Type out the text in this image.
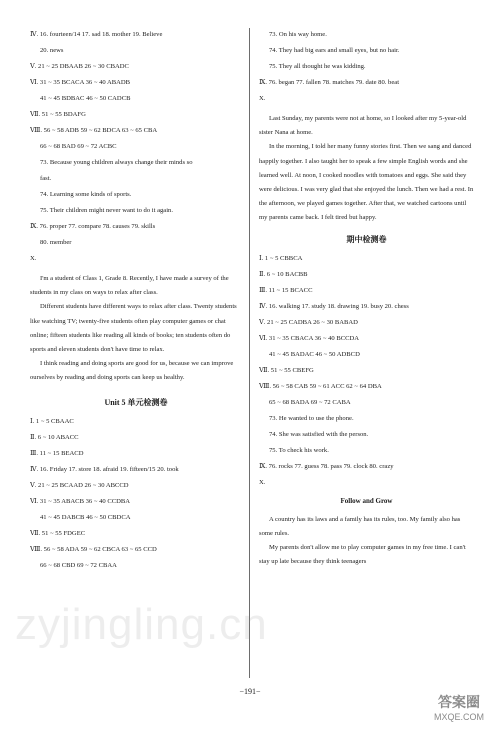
Ⅳ. 16. fourteen/14 17. sad 18. mother 19. Believe
20. news
Ⅴ. 21 ~ 25 DBAAB 26 ~ 30 CBADC
Ⅵ. 31 ~ 35 BCACA 36 ~ 40 ABADB
41 ~ 45 BDBAC 46 ~ 50 CADCB
Ⅶ. 51 ~ 55 BDAFG
Ⅷ. 56 ~ 58 ADB 59 ~ 62 BDCA 63 ~ 65 CBA
66 ~ 68 BAD 69 ~ 72 ACBC
73. Because young children always change their minds so
fast.
74. Learning some kinds of sports.
75. Their children might never want to do it again.
Ⅸ. 76. proper 77. compare 78. causes 79. skills
80. member
X.
I'm a student of Class 1, Grade 8. Recently, I have made a survey of the students in my class on ways to relax after class.
Different students have different ways to relax after class. Twenty students like watching TV; twenty-five students often play computer games or chat online; fifteen students like reading all kinds of books; ten students often do sports and eleven students don't have time to relax.
I think reading and doing sports are good for us, because we can improve ourselves by reading and doing sports can keep us healthy.
Unit 5 单元检测卷
Ⅰ. 1 ~ 5 CBAAC
Ⅱ. 6 ~ 10 ABACC
Ⅲ. 11 ~ 15 BEACD
Ⅳ. 16. Friday 17. store 18. afraid 19. fifteen/15 20. took
Ⅴ. 21 ~ 25 BCAAD 26 ~ 30 ABCCD
Ⅵ. 31 ~ 35 ABACB 36 ~ 40 CCDBA
41 ~ 45 DABCB 46 ~ 50 CBDCA
Ⅶ. 51 ~ 55 FDGEC
Ⅷ. 56 ~ 58 ADA 59 ~ 62 CBCA 63 ~ 65 CCD
66 ~ 68 CBD 69 ~ 72 CBAA
73. On his way home.
74. They had big ears and small eyes, but no hair.
75. They all thought he was kidding.
Ⅸ. 76. began 77. fallen 78. matches 79. date 80. beat
X.
Last Sunday, my parents were not at home, so I looked after my 5-year-old sister Nana at home.
In the morning, I told her many funny stories first. Then we sang and danced happily together. I also taught her to speak a few simple English words and she learned well. At noon, I cooked noodles with tomatoes and eggs. She said they were delicious. I was very glad that she enjoyed the lunch. Then we had a rest. In the afternoon, we played games together. After that, we watched cartoons until my parents came back. I felt tired but happy.
期中检测卷
Ⅰ. 1 ~ 5 CBBCA
Ⅱ. 6 ~ 10 BACBB
Ⅲ. 11 ~ 15 BCACC
Ⅳ. 16. walking 17. study 18. drawing 19. busy 20. chess
Ⅴ. 21 ~ 25 CADBA 26 ~ 30 BABAD
Ⅵ. 31 ~ 35 CBACA 36 ~ 40 BCCDA
41 ~ 45 BADAC 46 ~ 50 ADBCD
Ⅶ. 51 ~ 55 CBEFG
Ⅷ. 56 ~ 58 CAB 59 ~ 61 ACC 62 ~ 64 DBA
65 ~ 68 BADA 69 ~ 72 CABA
73. He wanted to use the phone.
74. She was satisfied with the person.
75. To check his work.
Ⅸ. 76. rocks 77. guess 78. pass 79. clock 80. crazy
X.
Follow and Grow
A country has its laws and a family has its rules, too. My family also has some rules.
My parents don't allow me to play computer games in my free time. I can't stay up late because they think teenagers
−191−
zyjingling.cn
答案圈
MXQE.COM
